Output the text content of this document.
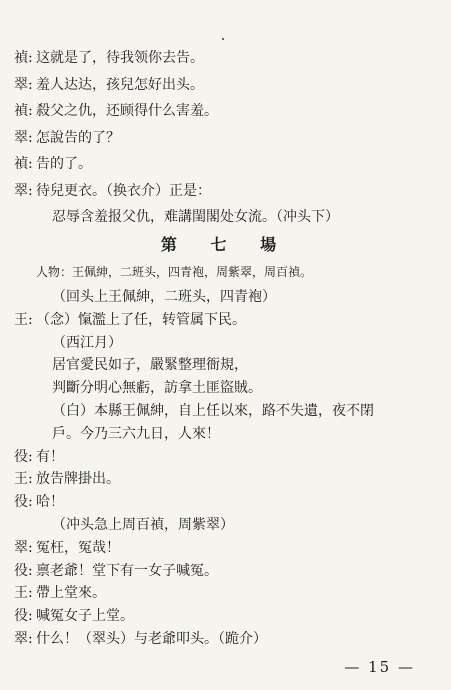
禎: 这就是了，待我领你去告。
翠: 羞人达达，孩兒怎好出头。
禎: 殺父之仇，还顾得什么害羞。
翠: 怎說告的了？
禎: 告的了。
翠: 待兒更衣。（换衣介）正是：
忍辱含羞报父仇，难講閨閣处女流。（冲头下）
第 七 場
人物：王佩紳，二班头，四青袍，周紫翠，周百禎。
（回头上王佩紳，二班头，四青袍）
王: （念）愾濫上了任，转管属下民。
（西江月）
居官愛民如子，嚴緊整理衙規，
判斷分明心無虧，訪拿土匪盜賊。
（白）本縣王佩紳，自上任以來，路不失遺，夜不閉
戶。今乃三六九日，人來！
役: 有！
王: 放告牌掛出。
役: 哈！
（冲头急上周百禎，周紫翠）
翠: 冤枉，冤哉！
役: 禀老爺！堂下有一女子喊冤。
王: 帶上堂來。
役: 喊冤女子上堂。
翠: 什么！（翠头）与老爺叩头。（跪介）
— 15 —
